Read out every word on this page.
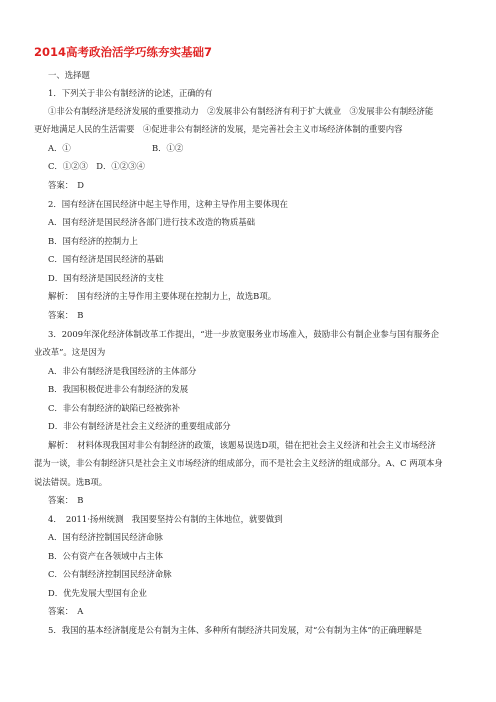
2014高考政治活学巧练夯实基础7
一、选择题
1．下列关于非公有制经济的论述，正确的有
①非公有制经济是经济发展的重要推动力　②发展非公有制经济有利于扩大就业　③发展非公有制经济能
更好地满足人民的生活需要　④促进非公有制经济的发展，是完善社会主义市场经济体制的重要内容
A．①	B．①②
C．①②③　D．①②③④
答案：　D
2．国有经济在国民经济中起主导作用，这种主导作用主要体现在
A．国有经济是国民经济各部门进行技术改造的物质基础
B．国有经济的控制力上
C．国有经济是国民经济的基础
D．国有经济是国民经济的支柱
解析：　国有经济的主导作用主要体现在控制力上，故选B项。
答案：　B
3．2009年深化经济体制改革工作提出，“进一步放宽服务业市场准入，鼓励非公有制企业参与国有服务企
业改革”。这是因为
A．非公有制经济是我国经济的主体部分
B．我国积极促进非公有制经济的发展
C．非公有制经济的缺陷已经被弥补
D．非公有制经济是社会主义经济的重要组成部分
解析：　材料体现我国对非公有制经济的政策，该题易误选D项，错在把社会主义经济和社会主义市场经济
混为一谈，非公有制经济只是社会主义市场经济的组成部分，而不是社会主义经济的组成部分。A、C 两项本身
说法错误。选B项。
答案：　B
4．　2011·扬州统测　我国要坚持公有制的主体地位，就要做到
A．国有经济控制国民经济命脉
B．公有资产在各领域中占主体
C．公有制经济控制国民经济命脉
D．优先发展大型国有企业
答案：　A
5．我国的基本经济制度是公有制为主体、多种所有制经济共同发展，对“公有制为主体”的正确理解是
